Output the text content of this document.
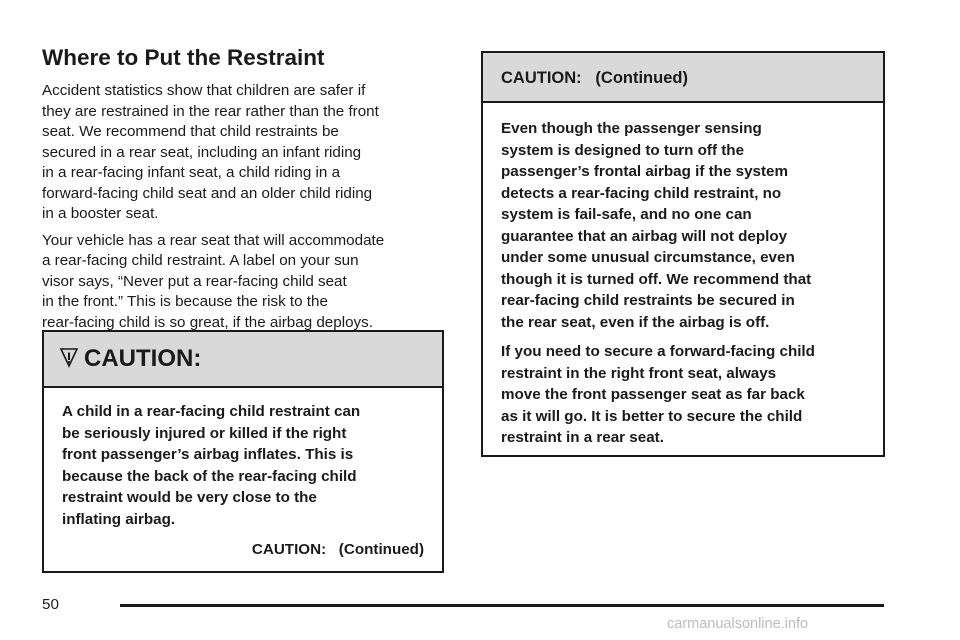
Where to Put the Restraint

Accident statistics show that children are safer if
they are restrained in the rear rather than the front
seat. We recommend that child restraints be
secured in a rear seat, including an infant riding
in a rear-facing infant seat, a child riding in a
forward-facing child seat and an older child riding
in a booster seat.

Your vehicle has a rear seat that will accommodate
a rear-facing child restraint. A label on your sun
visor says, “Never put a rear-facing child seat
in the front.” This is because the risk to the
rear-facing child is so great, if the airbag deploys.

CAUTION:
A child in a rear-facing child restraint can
be seriously injured or killed if the right
front passenger’s airbag inflates. This is
because the back of the rear-facing child
restraint would be very close to the
inflating airbag.
CAUTION:   (Continued)
CAUTION:   (Continued)

Even though the passenger sensing
system is designed to turn off the
passenger’s frontal airbag if the system
detects a rear-facing child restraint, no
system is fail-safe, and no one can
guarantee that an airbag will not deploy
under some unusual circumstance, even
though it is turned off. We recommend that
rear-facing child restraints be secured in
the rear seat, even if the airbag is off.

If you need to secure a forward-facing child
restraint in the right front seat, always
move the front passenger seat as far back
as it will go. It is better to secure the child
restraint in a rear seat.

50
carmanualsonline.info
